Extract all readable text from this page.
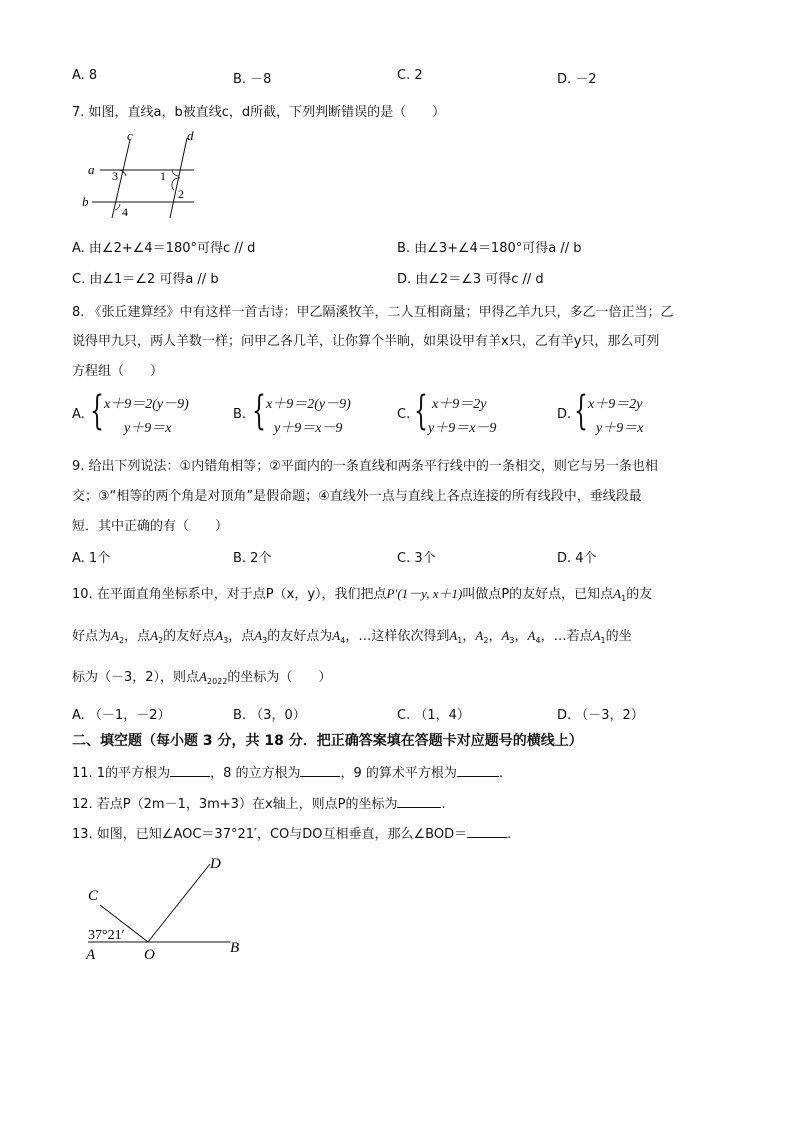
A. 8	B. －8	C. 2	D. －2
7. 如图，直线a，b被直线c，d所截，下列判断错误的是（　　）
c	d
a
b
1
2
3
4
A. 由∠2+∠4＝180°可得c // d	B. 由∠3+∠4＝180°可得a // b
C. 由∠1＝∠2 可得a // b	D. 由∠2＝∠3 可得c // d
8. 《张丘建算经》中有这样一首古诗：甲乙隔溪牧羊，二人互相商量；甲得乙羊九只，多乙一倍正当；乙
说得甲九只，两人羊数一样；问甲乙各几羊，让你算个半晌，如果设甲有羊x只，乙有羊y只，那么可列
方程组（　　）
A. { x＋9＝2(y－9)
y＋9＝x
B. { x＋9＝2(y－9)
y＋9＝x－9
C. { x＋9＝2y
y＋9＝x－9
D. { x＋9＝2y
y＋9＝x
9. 给出下列说法：①内错角相等；②平面内的一条直线和两条平行线中的一条相交，则它与另一条也相
交；③“相等的两个角是对顶角”是假命题；④直线外一点与直线上各点连接的所有线段中，垂线段最
短．其中正确的有（　　）
A. 1个	B. 2个	C. 3个	D. 4个
10. 在平面直角坐标系中，对于点P（x，y），我们把点P′(1－y, x＋1)叫做点P的友好点，已知点$A_1$的友
好点为$A_2$，点$A_2$的友好点$A_3$，点$A_3$的友好点为$A_4$，…这样依次得到$A_1$，$A_2$，$A_3$，$A_4$，…若点$A_1$的坐
标为（－3，2），则点$A_{2022}$的坐标为（　　）
A. （－1，－2）	B. （3，0）	C. （1，4）	D. （－3，2）
二、填空题（每小题 3 分，共 18 分．把正确答案填在答题卡对应题号的横线上）
11. 1的平方根为	，8 的立方根为	，9 的算术平方根为	.
12. 若点P（2m－1，3m+3）在x轴上，则点P的坐标为	.
13. 如图，已知∠AOC＝37°21′，CO与DO互相垂直，那么∠BOD＝	.
A	O	B
C
D
37°21′
